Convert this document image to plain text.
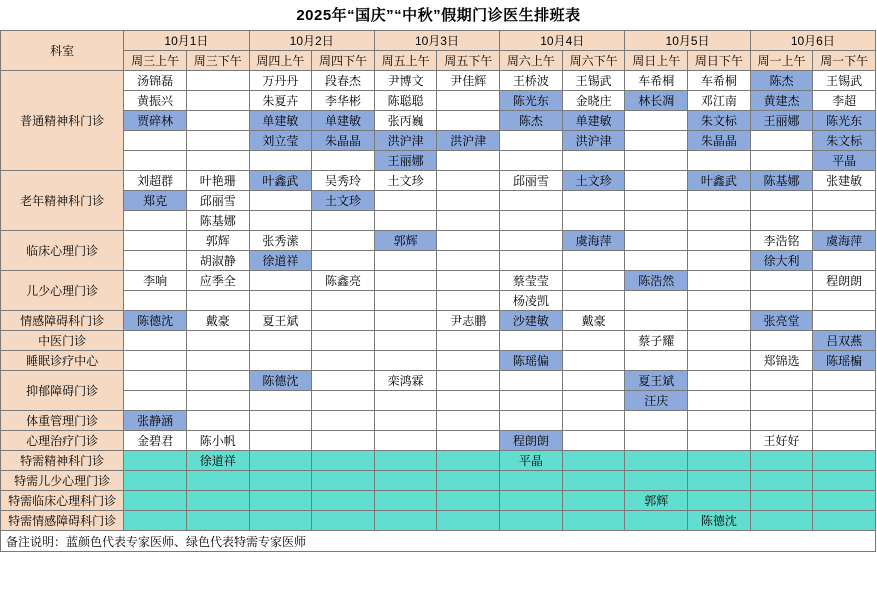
2025年“国庆”“中秋”假期门诊医生排班表
科室	10月1日		10月2日		10月3日		10月4日		10月5日		10月6日	
	周三上午	周三下午	周四上午	周四下午	周五上午	周五下午	周六上午	周六下午	周日上午	周日下午	周一上午	周一下午
普通精神科门诊	汤锦磊		万丹丹	段春杰	尹博文	尹佳辉	王桥波	王锡武	车希桐	车希桐	陈杰	王锡武
	黄振兴		朱夏卉	李华彬	陈聪聪		陈光东	金晓庄	林长凋	邓江南	黄建杰	李超
	贾碎林		单建敏	单建敏	张丙巍		陈杰	单建敏		朱文标	王丽娜	陈光东
			刘立莹	朱晶晶	洪沪津	洪沪津		洪沪津		朱晶晶		朱文标
					王丽娜							平晶
老年精神科门诊	刘超群	叶艳珊	叶鑫武	吴秀玲	土文珍		邱丽雪	土文珍		叶鑫武	陈基娜	张建敏
	郑克	邱丽雪		土文珍								
		陈基娜										
临床心理门诊		郭辉	张秀潆		郭辉			虞海萍			李浩铭	虞海萍
		胡淑静	徐道祥								徐大利	
儿少心理门诊	李响	应季全		陈鑫亮			蔡莹莹		陈浩然			程朗朗
							杨凌凯					
情感障碍科门诊	陈德沈	戴豪	夏王斌			尹志鹏	沙建敏	戴豪			张亮堂	
中医门诊									蔡子耀			吕双燕
睡眠诊疗中心							陈瑶偏				郑锦选	陈瑶楄
抑郁障碍门诊			陈德沈		栾鸿霖				夏王斌			
									汪庆			
体重管理门诊	张静涵											
心理治疗门诊	金碧君	陈小帆					程朗朗				王好好	
特需精神科门诊		徐道祥					平晶					
特需儿少心理门诊												
特需临床心理科门诊									郭辉			
特需情感障碍科门诊										陈德沈		
备注说明：蓝颜色代表专家医师、绿色代表特需专家医师												
